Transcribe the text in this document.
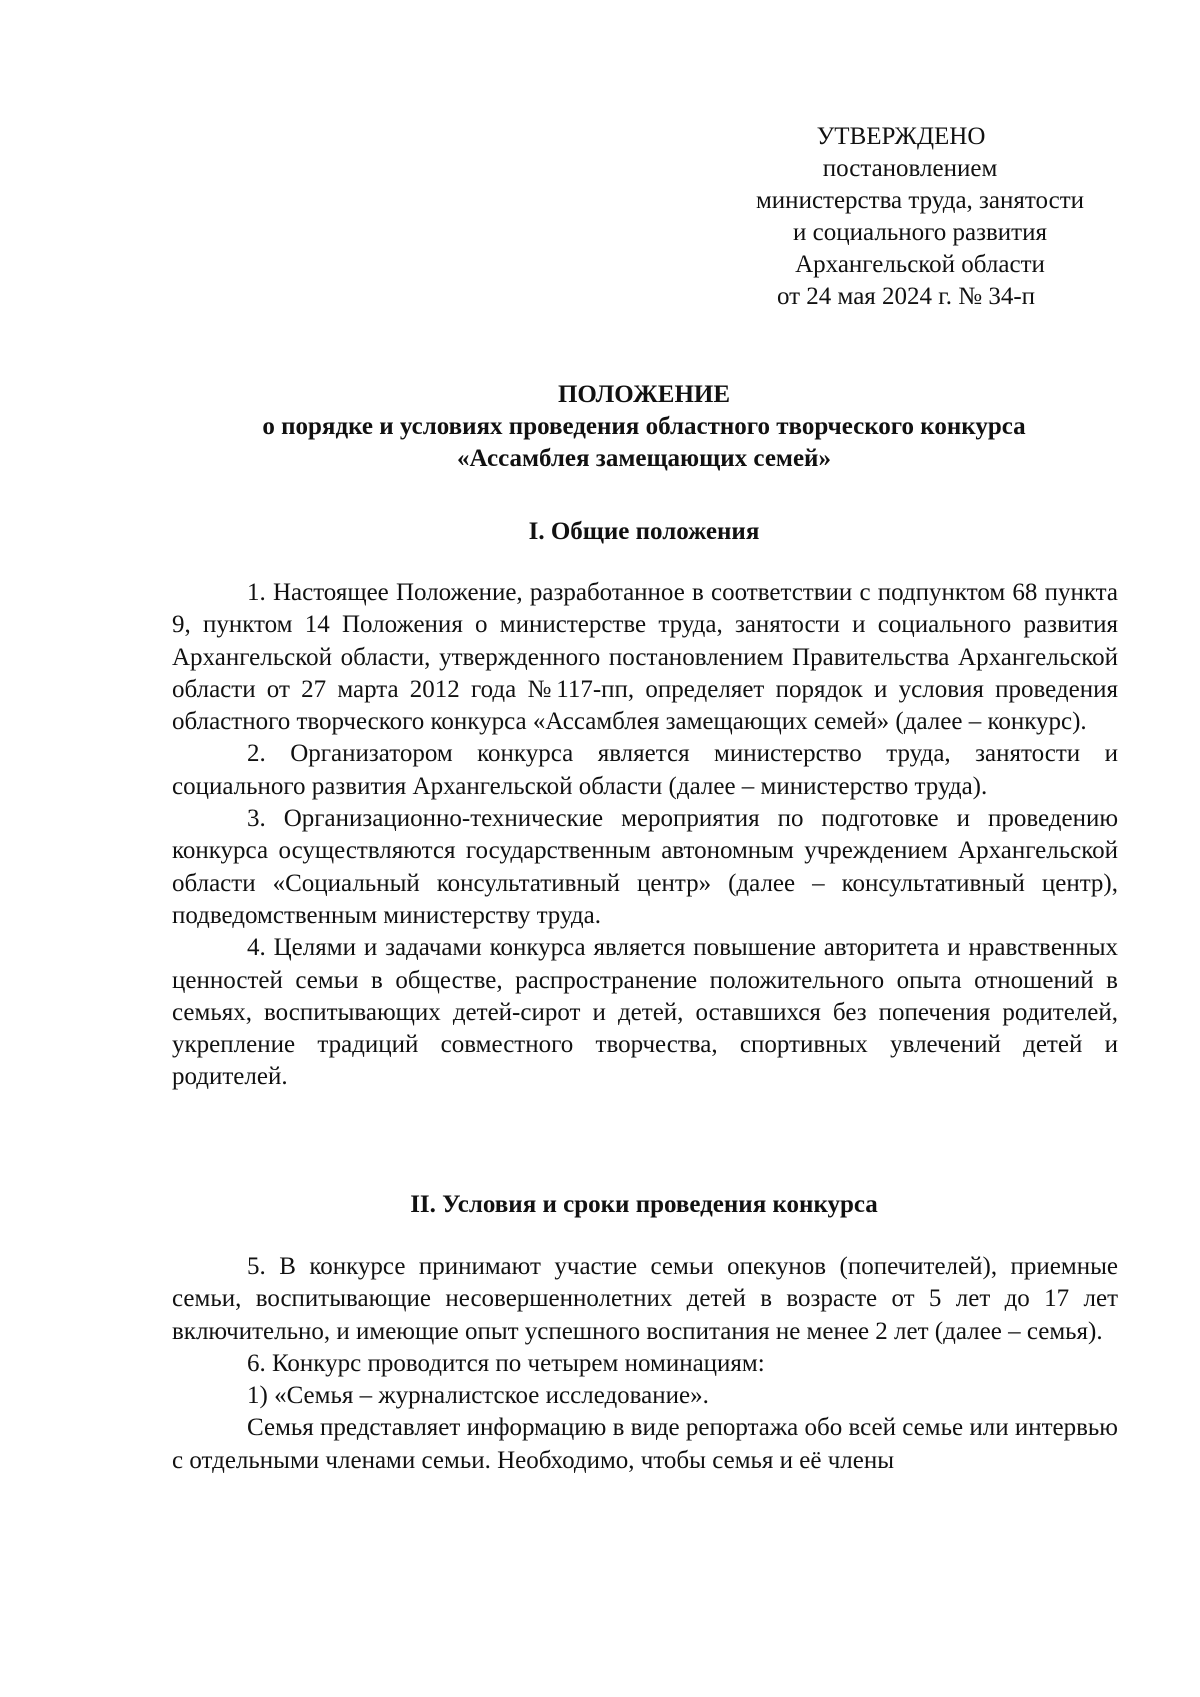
УТВЕРЖДЕНО
постановлением
министерства труда, занятости
и социального развития
Архангельской области
от 24 мая 2024 г. № 34-п
ПОЛОЖЕНИЕ
о порядке и условиях проведения областного творческого конкурса
«Ассамблея замещающих семей»
I. Общие положения

1. Настоящее Положение, разработанное в соответствии с подпунктом 68 пункта 9, пунктом 14 Положения о министерстве труда, занятости и социального развития Архангельской области, утвержденного постановлением Правительства Архангельской области от 27 марта 2012 года №117-пп, определяет порядок и условия проведения областного творческого конкурса «Ассамблея замещающих семей» (далее – конкурс).

2. Организатором конкурса является министерство труда, занятости и социального развития Архангельской области (далее – министерство труда).

3. Организационно-технические мероприятия по подготовке и проведению конкурса осуществляются государственным автономным учреждением Архангельской области «Социальный консультативный центр» (далее – консультативный центр), подведомственным министерству труда.

4. Целями и задачами конкурса является повышение авторитета и нравственных ценностей семьи в обществе, распространение положительного опыта отношений в семьях, воспитывающих детей-сирот и детей, оставшихся без попечения родителей, укрепление традиций совместного творчества, спортивных увлечений детей и родителей.

II. Условия и сроки проведения конкурса

5. В конкурсе принимают участие семьи опекунов (попечителей), приемные семьи, воспитывающие несовершеннолетних детей в возрасте от 5 лет до 17 лет включительно, и имеющие опыт успешного воспитания не менее 2 лет (далее – семья).

6. Конкурс проводится по четырем номинациям:

1) «Семья – журналистское исследование».

Семья представляет информацию в виде репортажа обо всей семье или интервью с отдельными членами семьи. Необходимо, чтобы семья и её члены
